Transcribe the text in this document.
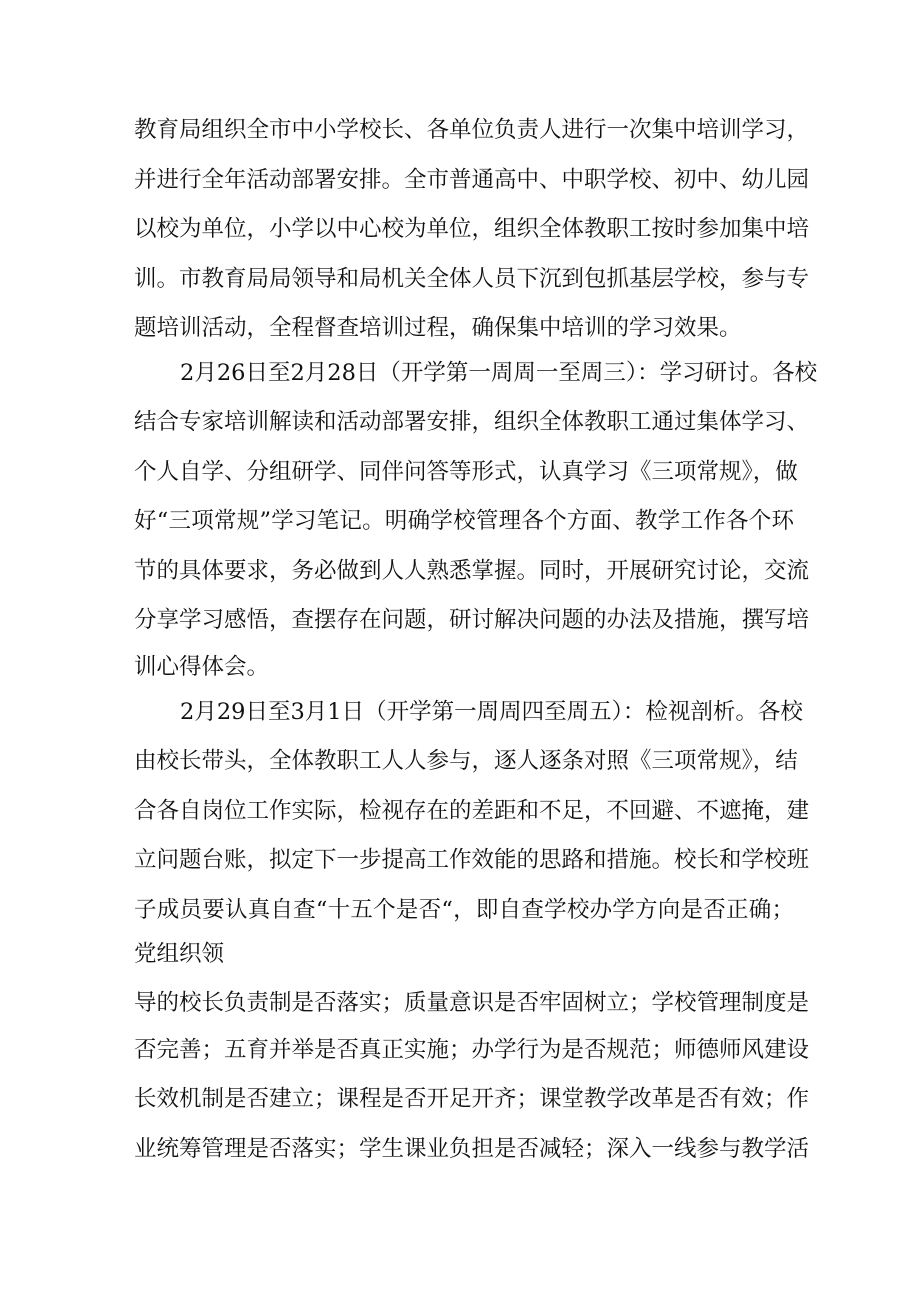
教育局组织全市中小学校长、各单位负责人进行一次集中培训学习，
并进行全年活动部署安排。全市普通高中、中职学校、初中、幼儿园
以校为单位，小学以中心校为单位，组织全体教职工按时参加集中培
训。市教育局局领导和局机关全体人员下沉到包抓基层学校，参与专
题培训活动，全程督查培训过程，确保集中培训的学习效果。
2月26日至2月28日（开学第一周周一至周三）：学习研讨。各校
结合专家培训解读和活动部署安排，组织全体教职工通过集体学习、
个人自学、分组研学、同伴问答等形式，认真学习《三项常规》，做
好“三项常规”学习笔记。明确学校管理各个方面、教学工作各个环
节的具体要求，务必做到人人熟悉掌握。同时，开展研究讨论，交流
分享学习感悟，查摆存在问题，研讨解决问题的办法及措施，撰写培
训心得体会。
2月29日至3月1日（开学第一周周四至周五）：检视剖析。各校
由校长带头，全体教职工人人参与，逐人逐条对照《三项常规》，结
合各自岗位工作实际，检视存在的差距和不足，不回避、不遮掩，建
立问题台账，拟定下一步提高工作效能的思路和措施。校长和学校班
子成员要认真自查“十五个是否“，即自查学校办学方向是否正确；
党组织领
导的校长负责制是否落实；质量意识是否牢固树立；学校管理制度是
否完善；五育并举是否真正实施；办学行为是否规范；师德师风建设
长效机制是否建立；课程是否开足开齐；课堂教学改革是否有效；作
业统筹管理是否落实；学生课业负担是否减轻；深入一线参与教学活
